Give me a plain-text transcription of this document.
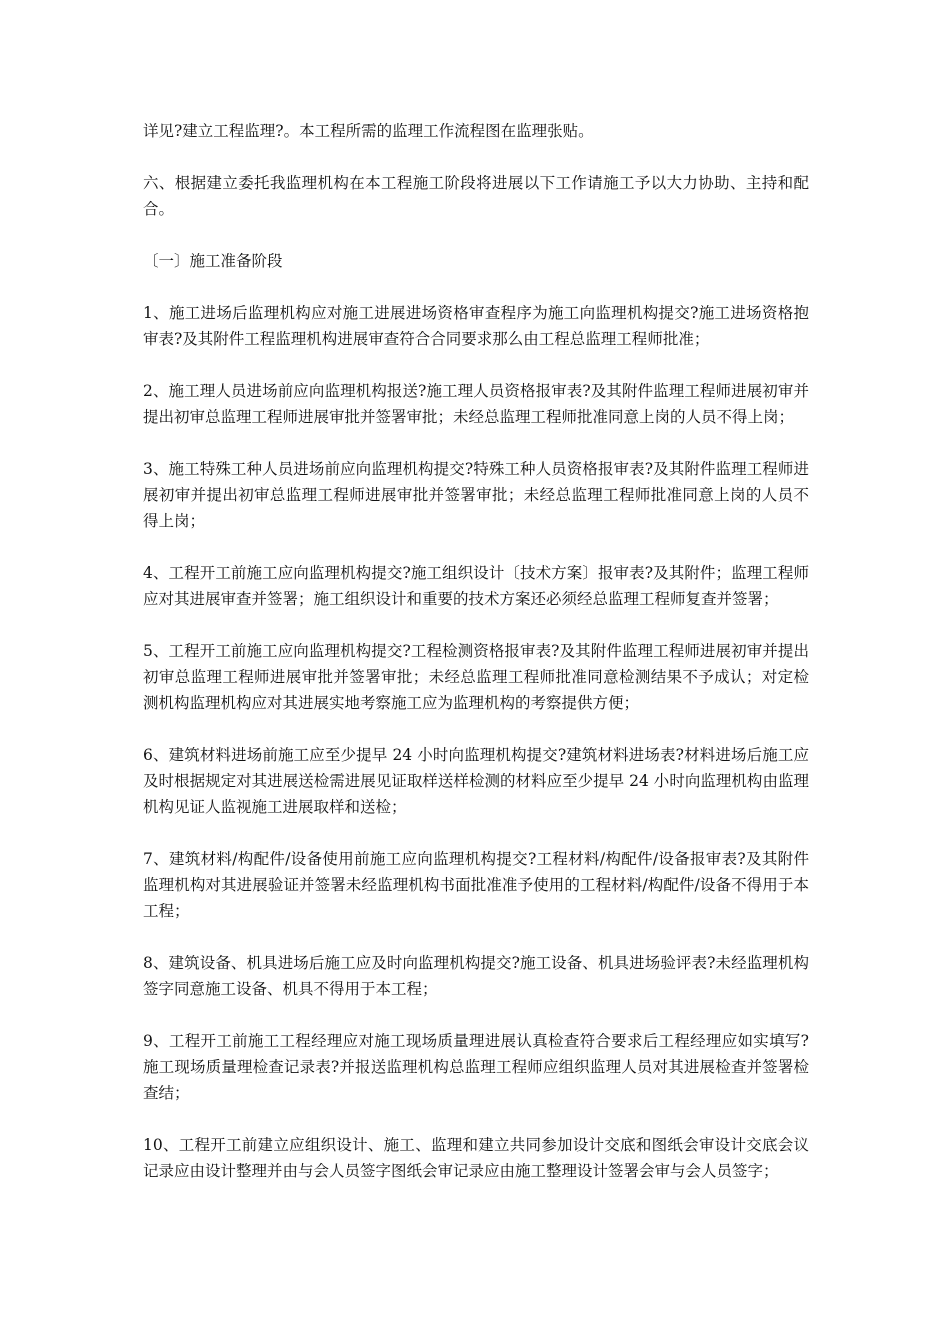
详见?建立工程监理?。本工程所需的监理工作流程图在监理张贴。

六、根据建立委托我监理机构在本工程施工阶段将进展以下工作请施工予以大力协助、主持和配合。

〔一〕施工准备阶段

1、施工进场后监理机构应对施工进展进场资格审查程序为施工向监理机构提交?施工进场资格抱审表?及其附件工程监理机构进展审查符合合同要求那么由工程总监理工程师批准；

2、施工理人员进场前应向监理机构报送?施工理人员资格报审表?及其附件监理工程师进展初审并提出初审总监理工程师进展审批并签署审批；未经总监理工程师批准同意上岗的人员不得上岗；

3、施工特殊工种人员进场前应向监理机构提交?特殊工种人员资格报审表?及其附件监理工程师进展初审并提出初审总监理工程师进展审批并签署审批；未经总监理工程师批准同意上岗的人员不得上岗；

4、工程开工前施工应向监理机构提交?施工组织设计〔技术方案〕报审表?及其附件；监理工程师应对其进展审查并签署；施工组织设计和重要的技术方案还必须经总监理工程师复查并签署；

5、工程开工前施工应向监理机构提交?工程检测资格报审表?及其附件监理工程师进展初审并提出初审总监理工程师进展审批并签署审批；未经总监理工程师批准同意检测结果不予成认；对定检测机构监理机构应对其进展实地考察施工应为监理机构的考察提供方便；

6、建筑材料进场前施工应至少提早 24 小时向监理机构提交?建筑材料进场表?材料进场后施工应及时根据规定对其进展送检需进展见证取样送样检测的材料应至少提早 24 小时向监理机构由监理机构见证人监视施工进展取样和送检；

7、建筑材料/构配件/设备使用前施工应向监理机构提交?工程材料/构配件/设备报审表?及其附件监理机构对其进展验证并签署未经监理机构书面批准准予使用的工程材料/构配件/设备不得用于本工程；

8、建筑设备、机具进场后施工应及时向监理机构提交?施工设备、机具进场验评表?未经监理机构签字同意施工设备、机具不得用于本工程；

9、工程开工前施工工程经理应对施工现场质量理进展认真检查符合要求后工程经理应如实填写?施工现场质量理检查记录表?并报送监理机构总监理工程师应组织监理人员对其进展检查并签署检查结；

10、工程开工前建立应组织设计、施工、监理和建立共同参加设计交底和图纸会审设计交底会议记录应由设计整理并由与会人员签字图纸会审记录应由施工整理设计签署会审与会人员签字；
